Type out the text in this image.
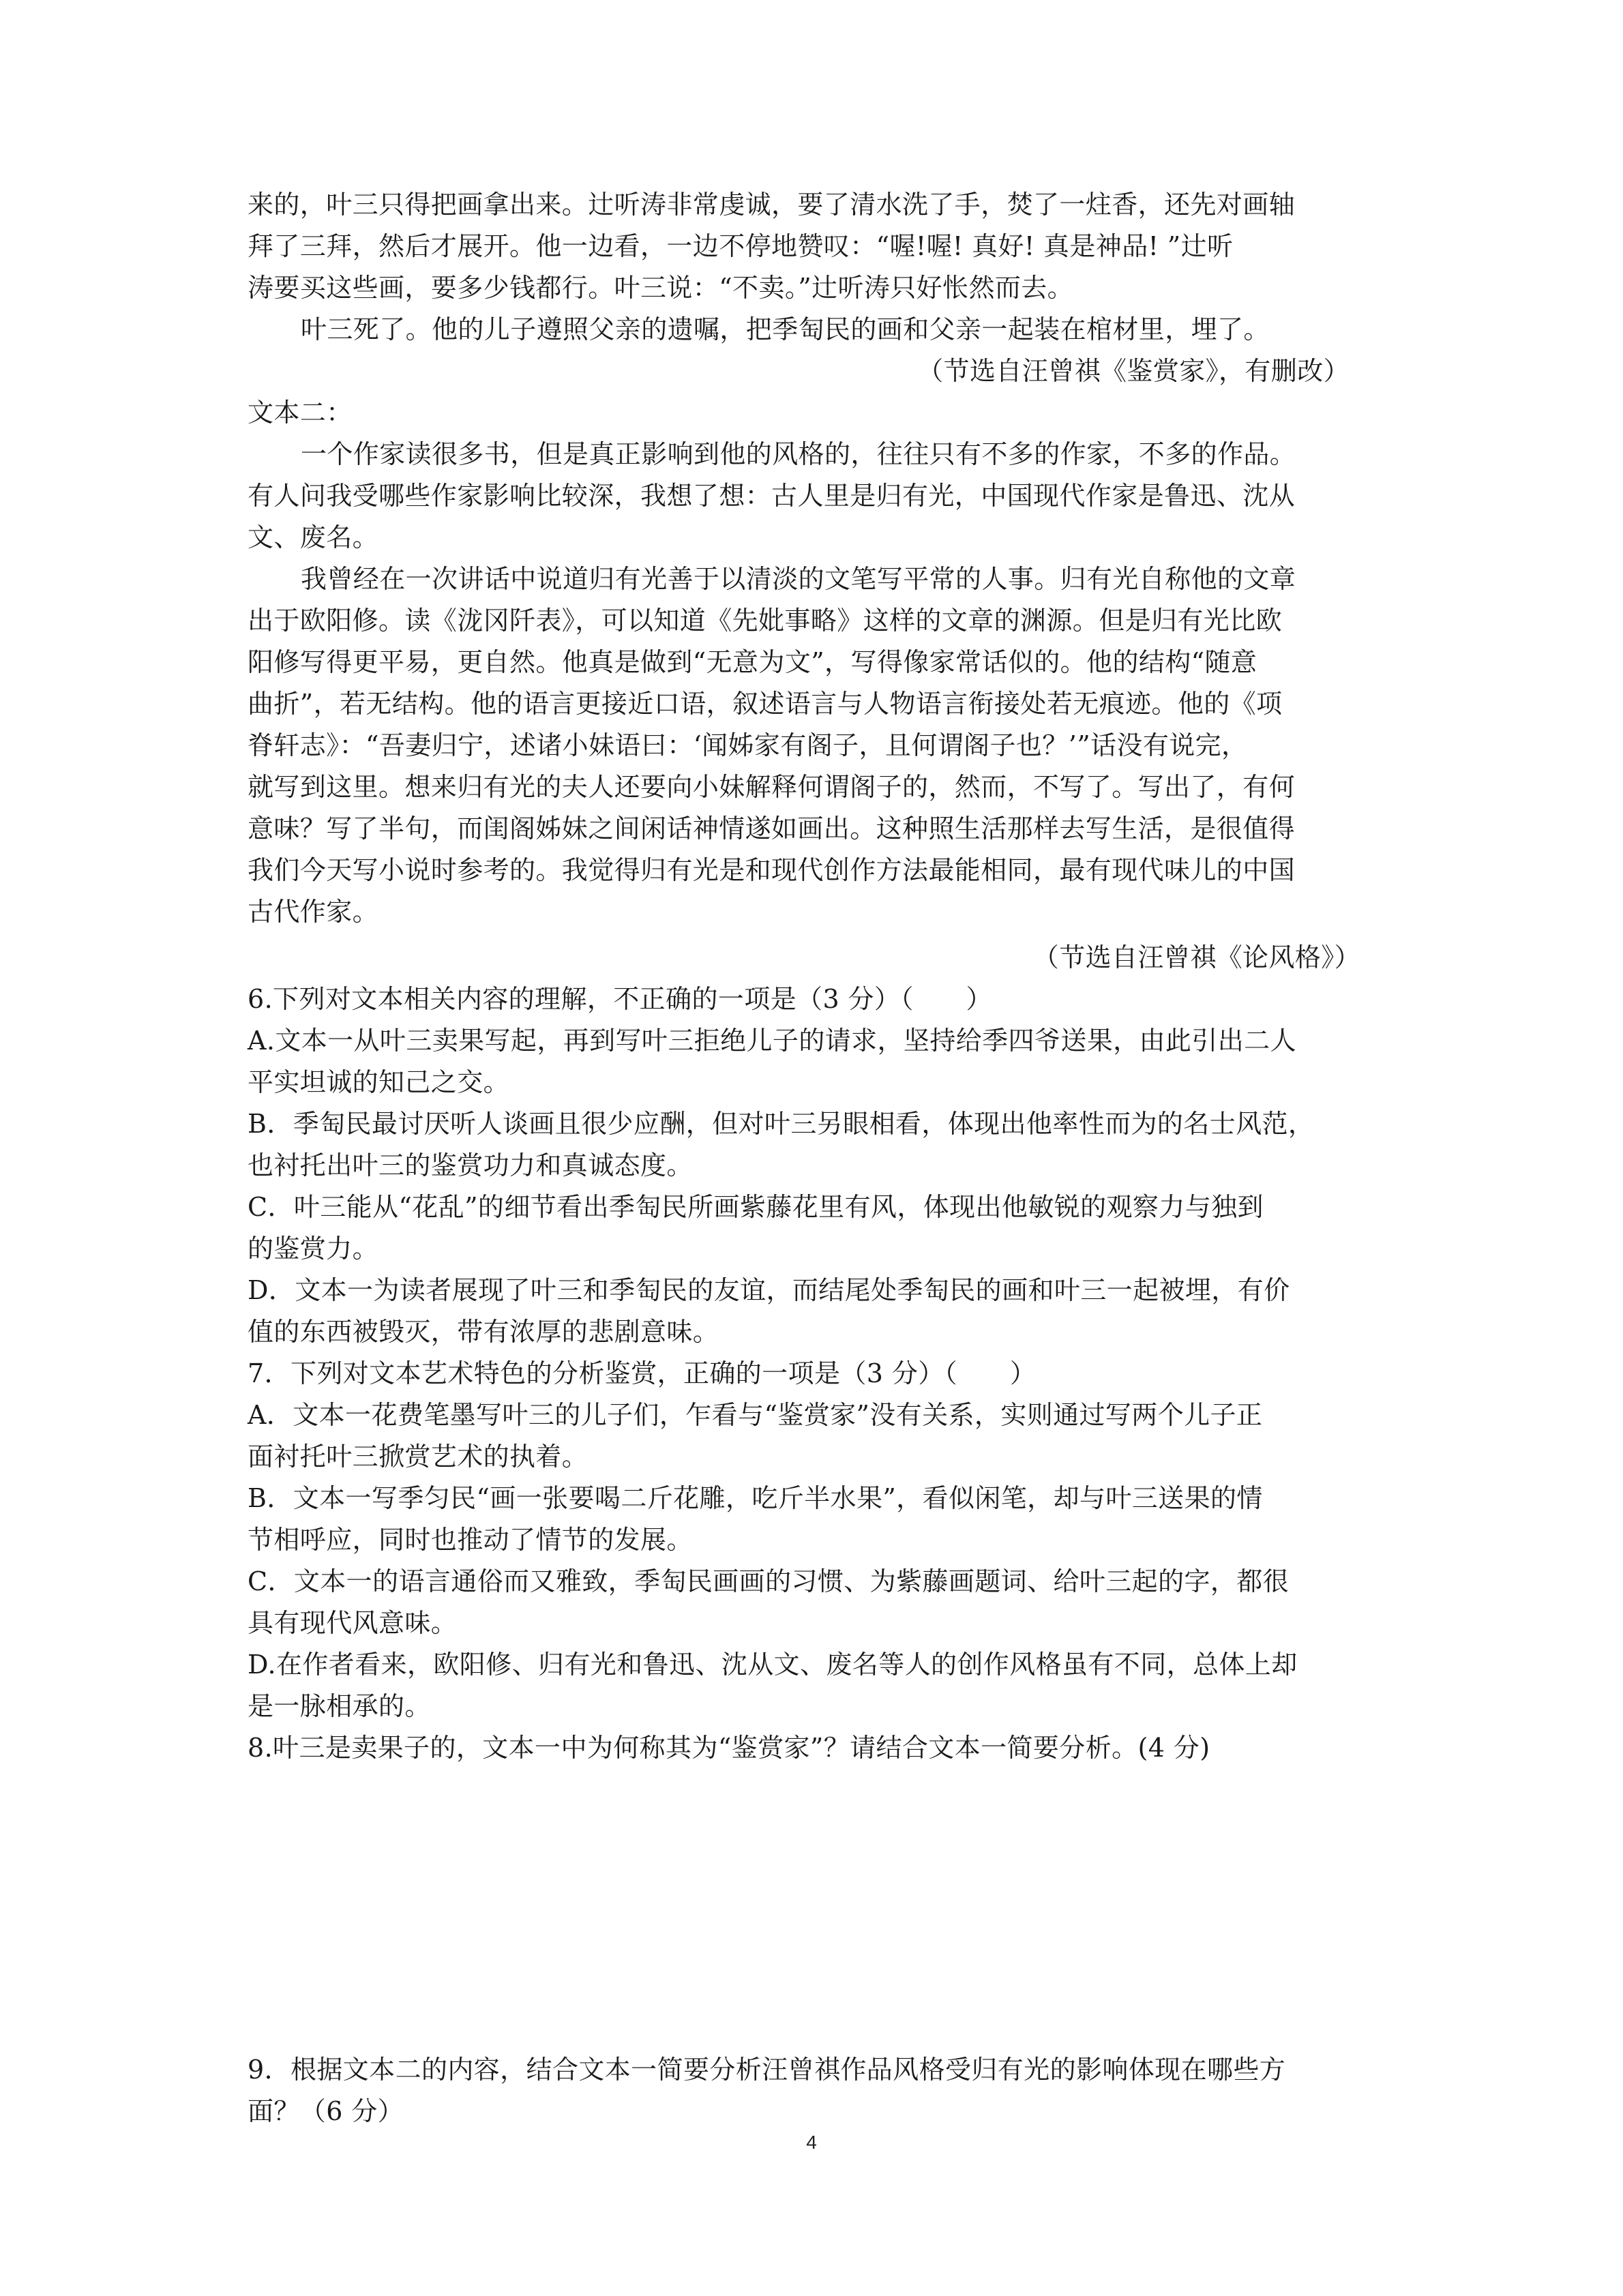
来的，叶三只得把画拿出来。辻听涛非常虔诚，要了清水洗了手，焚了一炷香，还先对画轴
拜了三拜，然后才展开。他一边看，一边不停地赞叹：“喔!喔! 真好! 真是神品! ”辻听
涛要买这些画，要多少钱都行。叶三说：“不卖。”辻听涛只好怅然而去。
叶三死了。他的儿子遵照父亲的遗嘱，把季匋民的画和父亲一起装在棺材里，埋了。
（节选自汪曾祺《鉴赏家》，有删改）
文本二：
一个作家读很多书，但是真正影响到他的风格的，往往只有不多的作家，不多的作品。
有人问我受哪些作家影响比较深，我想了想：古人里是归有光，中国现代作家是鲁迅、沈从
文、废名。
我曾经在一次讲话中说道归有光善于以清淡的文笔写平常的人事。归有光自称他的文章
出于欧阳修。读《泷冈阡表》，可以知道《先妣事略》这样的文章的渊源。但是归有光比欧
阳修写得更平易，更自然。他真是做到“无意为文”，写得像家常话似的。他的结构“随意
曲折”，若无结构。他的语言更接近口语，叙述语言与人物语言衔接处若无痕迹。他的《项
脊轩志》：“吾妻归宁，述诸小妹语曰：‘闻姊家有阁子，且何谓阁子也？’”话没有说完，
就写到这里。想来归有光的夫人还要向小妹解释何谓阁子的，然而，不写了。写出了，有何
意味？写了半句，而闺阁姊妹之间闲话神情遂如画出。这种照生活那样去写生活，是很值得
我们今天写小说时参考的。我觉得归有光是和现代创作方法最能相同，最有现代味儿的中国
古代作家。
（节选自汪曾祺《论风格》）
6.下列对文本相关内容的理解，不正确的一项是（3 分）（　　）
A.文本一从叶三卖果写起，再到写叶三拒绝儿子的请求，坚持给季四爷送果，由此引出二人
平实坦诚的知己之交。
B．季匋民最讨厌听人谈画且很少应酬，但对叶三另眼相看，体现出他率性而为的名士风范，
也衬托出叶三的鉴赏功力和真诚态度。
C．叶三能从“花乱”的细节看出季匋民所画紫藤花里有风，体现出他敏锐的观察力与独到
的鉴赏力。
D．文本一为读者展现了叶三和季匋民的友谊，而结尾处季匋民的画和叶三一起被埋，有价
值的东西被毁灭，带有浓厚的悲剧意味。
7．下列对文本艺术特色的分析鉴赏，正确的一项是（3 分）（　　）
A．文本一花费笔墨写叶三的儿子们，乍看与“鉴赏家”没有关系，实则通过写两个儿子正
面衬托叶三掀赏艺术的执着。
B．文本一写季匀民“画一张要喝二斤花雕，吃斤半水果”，看似闲笔，却与叶三送果的情
节相呼应，同时也推动了情节的发展。
C．文本一的语言通俗而又雅致，季匋民画画的习惯、为紫藤画题词、给叶三起的字，都很
具有现代风意味。
D.在作者看来，欧阳修、归有光和鲁迅、沈从文、废名等人的创作风格虽有不同，总体上却
是一脉相承的。
8.叶三是卖果子的，文本一中为何称其为“鉴赏家”？请结合文本一简要分析。(4 分)
9．根据文本二的内容，结合文本一简要分析汪曾祺作品风格受归有光的影响体现在哪些方
面？（6 分）
4
